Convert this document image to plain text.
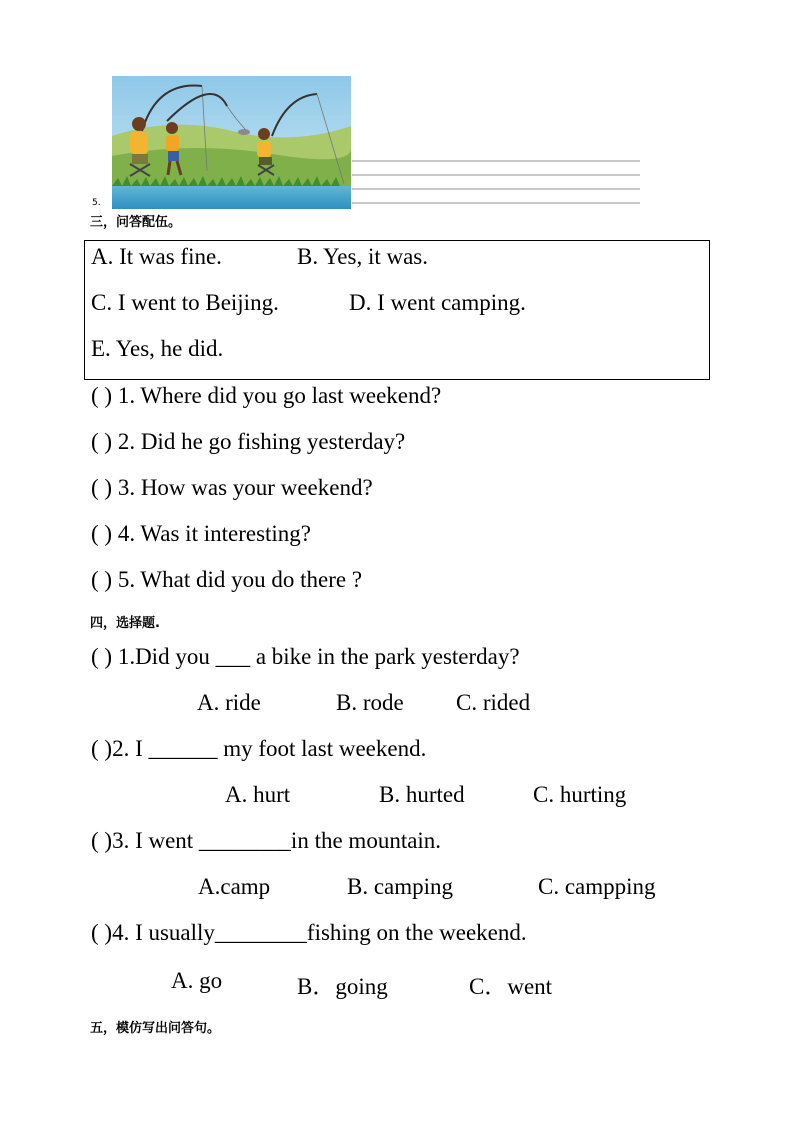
5.
三，问答配伍。
A. It was fine.	B. Yes, it was.
C. I went to Beijing.	D. I went camping.
E. Yes, he did.
( ) 1. Where did you go last weekend?
( ) 2. Did he go fishing yesterday?
( ) 3. How was your weekend?
( ) 4. Was it interesting?
( ) 5. What did you do there ?
四，选择题.
( ) 1.Did you ___ a bike in the park yesterday?
A. ride	B. rode C. rided
( )2. I ______ my foot last weekend.
A. hurt	B. hurted	C. hurting
( )3. I went ________in the mountain.
A.camp	B. camping	C. campping
( )4. I usually________fishing on the weekend.
A. go	B．going	C．went
五，模仿写出问答句。
